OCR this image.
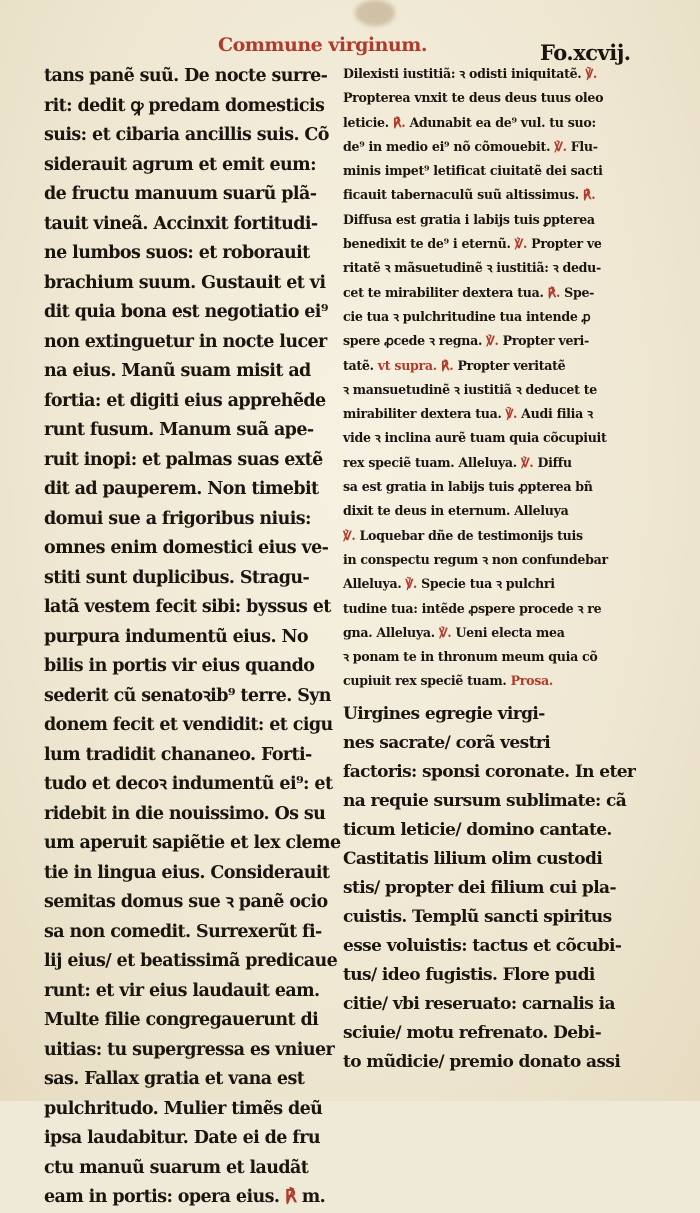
Commune virginum.	Fo.xcvij.
tans panẽ suũ. De nocte surre-
rit: dedit ꝙ predam domesticis
suis: et cibaria ancillis suis. Cõ
siderauit agrum et emit eum:
de fructu manuum suarũ plã-
tauit vineã. Accinxit fortitudi-
ne lumbos suos: et roborauit
brachium suum. Gustauit et vi
dit quia bona est negotiatio ei⁹
non extinguetur in nocte lucer
na eius. Manũ suam misit ad
fortia: et digiti eius apprehẽde
runt fusum. Manum suã ape-
ruit inopi: et palmas suas extẽ
dit ad pauperem. Non timebit
domui sue a frigoribus niuis:
omnes enim domestici eius ve-
stiti sunt duplicibus. Stragu-
latã vestem fecit sibi: byssus et
purpura indumentũ eius. No
bilis in portis vir eius quando
sederit cũ senatoꝛib⁹ terre. Syn
donem fecit et vendidit: et cigu
lum tradidit chananeo. Forti-
tudo et decoꝛ indumentũ ei⁹: et
ridebit in die nouissimo. Os su
um aperuit sapiẽtie et lex cleme
tie in lingua eius. Considerauit
semitas domus sue ꝛ panẽ ocio
sa non comedit. Surrexerũt fi-
lij eius/ et beatissimã predicaue
runt: et vir eius laudauit eam.
Multe filie congregauerunt di
uitias: tu supergressa es vniuer
sas. Fallax gratia et vana est
pulchritudo. Mulier timẽs deũ
ipsa laudabitur. Date ei de fru
ctu manuũ suarum et laudãt
eam in portis: opera eius. ℟ m.
Dilexisti iustitiã: ꝛ odisti iniquitatẽ. ℣.
Propterea vnxit te deus deus tuus oleo
leticie. ℟. Adunabit ea de⁹ vul. tu suo:
de⁹ in medio ei⁹ nõ cõmouebit. ℣. Flu-
minis impet⁹ letificat ciuitatẽ dei sacti
ficauit tabernaculũ suũ altissimus. ℟.
Diffusa est gratia i labijs tuis ꝑpterea
benedixit te de⁹ i eternũ. ℣. Propter ve
ritatẽ ꝛ mãsuetudinẽ ꝛ iustitiã: ꝛ dedu-
cet te mirabiliter dextera tua. ℟. Spe-
cie tua ꝛ pulchritudine tua intende ꝓ
spere ꝓcede ꝛ regna. ℣. Propter veri-
tatẽ. vt supra. ℟. Propter veritatẽ
ꝛ mansuetudinẽ ꝛ iustitiã ꝛ deducet te
mirabiliter dextera tua. ℣. Audi filia ꝛ
vide ꝛ inclina aurẽ tuam quia cõcupiuit
rex speciẽ tuam. Alleluya. ℣. Diffu
sa est gratia in labijs tuis ꝓpterea bñ
dixit te deus in eternum. Alleluya
℣. Loquebar dñe de testimonijs tuis
in conspectu regum ꝛ non confundebar
Alleluya. ℣. Specie tua ꝛ pulchri
tudine tua: intẽde ꝓspere procede ꝛ re
gna. Alleluya. ℣. Ueni electa mea
ꝛ ponam te in thronum meum quia cõ
cupiuit rex speciẽ tuam. Prosa.
Uirgines egregie virgi-
nes sacrate/ corã vestri
factoris: sponsi coronate. In eter
na requie sursum sublimate: cã
ticum leticie/ domino cantate.
Castitatis lilium olim custodi
stis/ propter dei filium cui pla-
cuistis. Templũ sancti spiritus
esse voluistis: tactus et cõcubi-
tus/ ideo fugistis. Flore pudi
citie/ vbi reseruato: carnalis ia
sciuie/ motu refrenato. Debi-
to mũdicie/ premio donato assi
